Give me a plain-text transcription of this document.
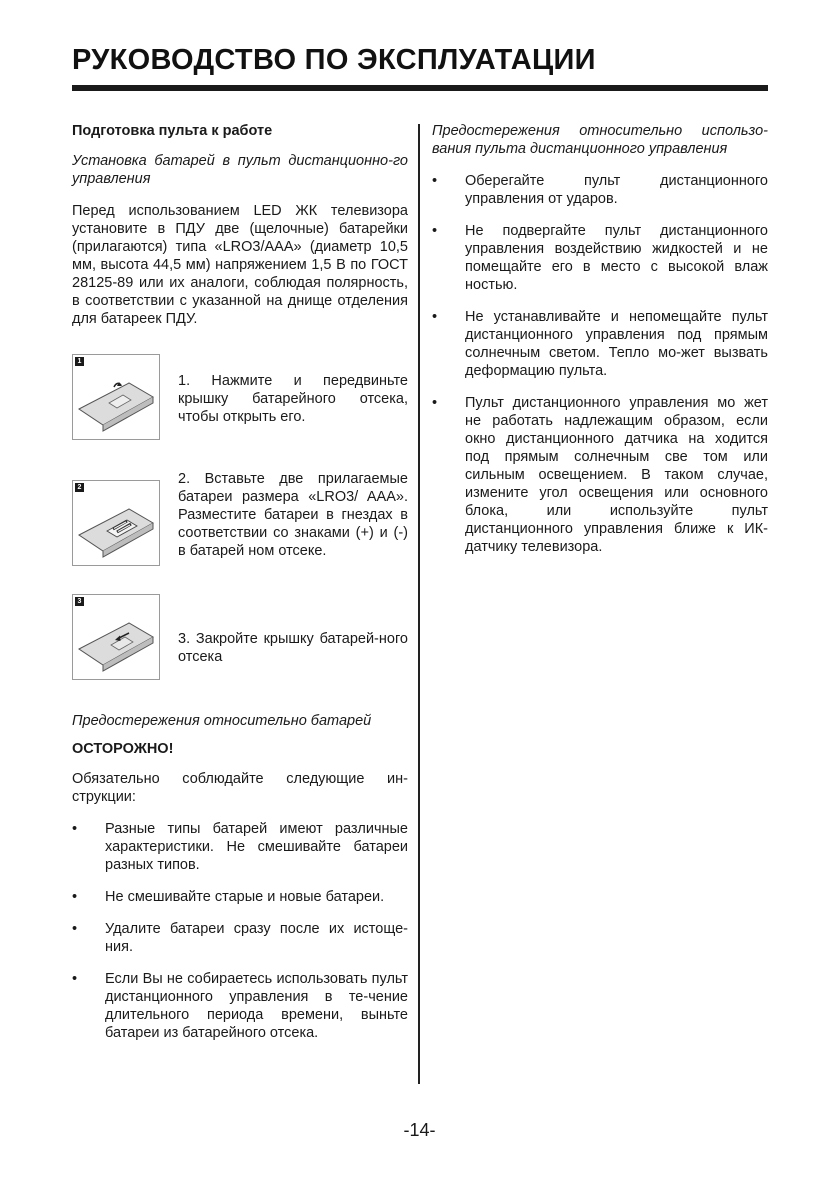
РУКОВОДСТВО ПО ЭКСПЛУАТАЦИИ

Подготовка пульта к работе

Установка батарей в пульт дистанционно-го управления

Перед использованием LED ЖК телевизора установите в ПДУ две (щелочные) батарейки (прилагаются) типа «LRO3/AAA» (диаметр 10,5 мм, высота 44,5 мм) напряжением 1,5 В по ГОСТ 28125-89 или их аналоги, соблюдая полярность, в соответствии с указанной на днище отделения для батареек ПДУ.

1

1. Нажмите и передвиньте крышку батарейного отсека, чтобы открыть его.

2

2. Вставьте две прилагаемые батареи размера «LRO3/ AAA». Разместите батареи в гнездах в соответствии со знаками (+) и (-) в батарей ном отсеке.

3

3. Закройте крышку батарей-ного отсека

Предостережения относительно батарей

ОСТОРОЖНО!

Обязательно соблюдайте следующие ин-струкции:

• Разные типы батарей имеют различные характеристики. Не смешивайте батареи разных типов.
• Не смешивайте старые и новые батареи.
• Удалите батареи сразу после их истоще-ния.
• Если Вы не собираетесь использовать пульт дистанционного управления в те-чение длительного периода времени, выньте батареи из батарейного отсека.

Предостережения относительно использо-вания пульта дистанционного управления

• Оберегайте пульт дистанционного управления от ударов.
• Не подвергайте пульт дистанционного управления воздействию жидкостей и не помещайте его в место с высокой влаж ностью.
• Не устанавливайте и непомещайте пульт дистанционного управления под прямым солнечным светом. Тепло мо-жет вызвать деформацию пульта.
• Пульт дистанционного управления мо жет не работать надлежащим образом, если окно дистанционного датчика на ходится под прямым солнечным све том или сильным освещением. В таком случае, измените угол освещения или основного блока, или используйте пульт дистанционного управления ближе к ИК-датчику телевизора.

-14-
